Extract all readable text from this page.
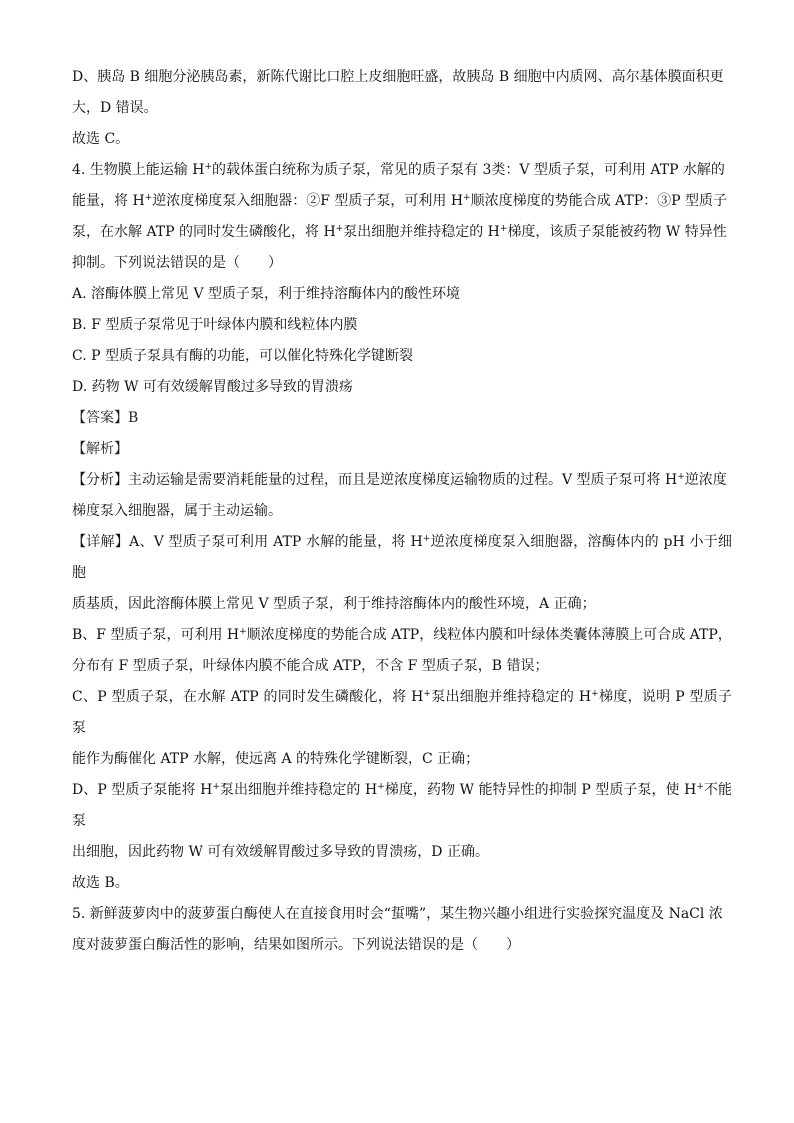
D、胰岛 B 细胞分泌胰岛素，新陈代谢比口腔上皮细胞旺盛，故胰岛 B 细胞中内质网、高尔基体膜面积更

大，D 错误。

故选 C。

4. 生物膜上能运输 H+的载体蛋白统称为质子泵，常见的质子泵有 3类：V 型质子泵，可利用 ATP 水解的

能量，将 H+逆浓度梯度泵入细胞器：②F 型质子泵，可利用 H+顺浓度梯度的势能合成 ATP：③P 型质子

泵，在水解 ATP 的同时发生磷酸化，将 H+泵出细胞并维持稳定的 H+梯度，该质子泵能被药物 W 特异性

抑制。下列说法错误的是（　　）

A. 溶酶体膜上常见 V 型质子泵，利于维持溶酶体内的酸性环境

B. F 型质子泵常见于叶绿体内膜和线粒体内膜

C. P 型质子泵具有酶的功能，可以催化特殊化学键断裂

D. 药物 W 可有效缓解胃酸过多导致的胃溃疡

【答案】B

【解析】

【分析】主动运输是需要消耗能量的过程，而且是逆浓度梯度运输物质的过程。V 型质子泵可将 H+逆浓度

梯度泵入细胞器，属于主动运输。

【详解】A、V 型质子泵可利用 ATP 水解的能量，将 H+逆浓度梯度泵入细胞器，溶酶体内的 pH 小于细胞

质基质，因此溶酶体膜上常见 V 型质子泵，利于维持溶酶体内的酸性环境，A 正确；

B、F 型质子泵，可利用 H+顺浓度梯度的势能合成 ATP，线粒体内膜和叶绿体类囊体薄膜上可合成 ATP，

分布有 F 型质子泵，叶绿体内膜不能合成 ATP，不含 F 型质子泵，B 错误；

C、P 型质子泵，在水解 ATP 的同时发生磷酸化，将 H+泵出细胞并维持稳定的 H+梯度，说明 P 型质子泵

能作为酶催化 ATP 水解，使远离 A 的特殊化学键断裂，C 正确；

D、P 型质子泵能将 H+泵出细胞并维持稳定的 H+梯度，药物 W 能特异性的抑制 P 型质子泵，使 H+不能泵

出细胞，因此药物 W 可有效缓解胃酸过多导致的胃溃疡，D 正确。

故选 B。

5. 新鲜菠萝肉中的菠萝蛋白酶使人在直接食用时会“蜇嘴”，某生物兴趣小组进行实验探究温度及 NaCl 浓

度对菠萝蛋白酶活性的影响，结果如图所示。下列说法错误的是（　　）
